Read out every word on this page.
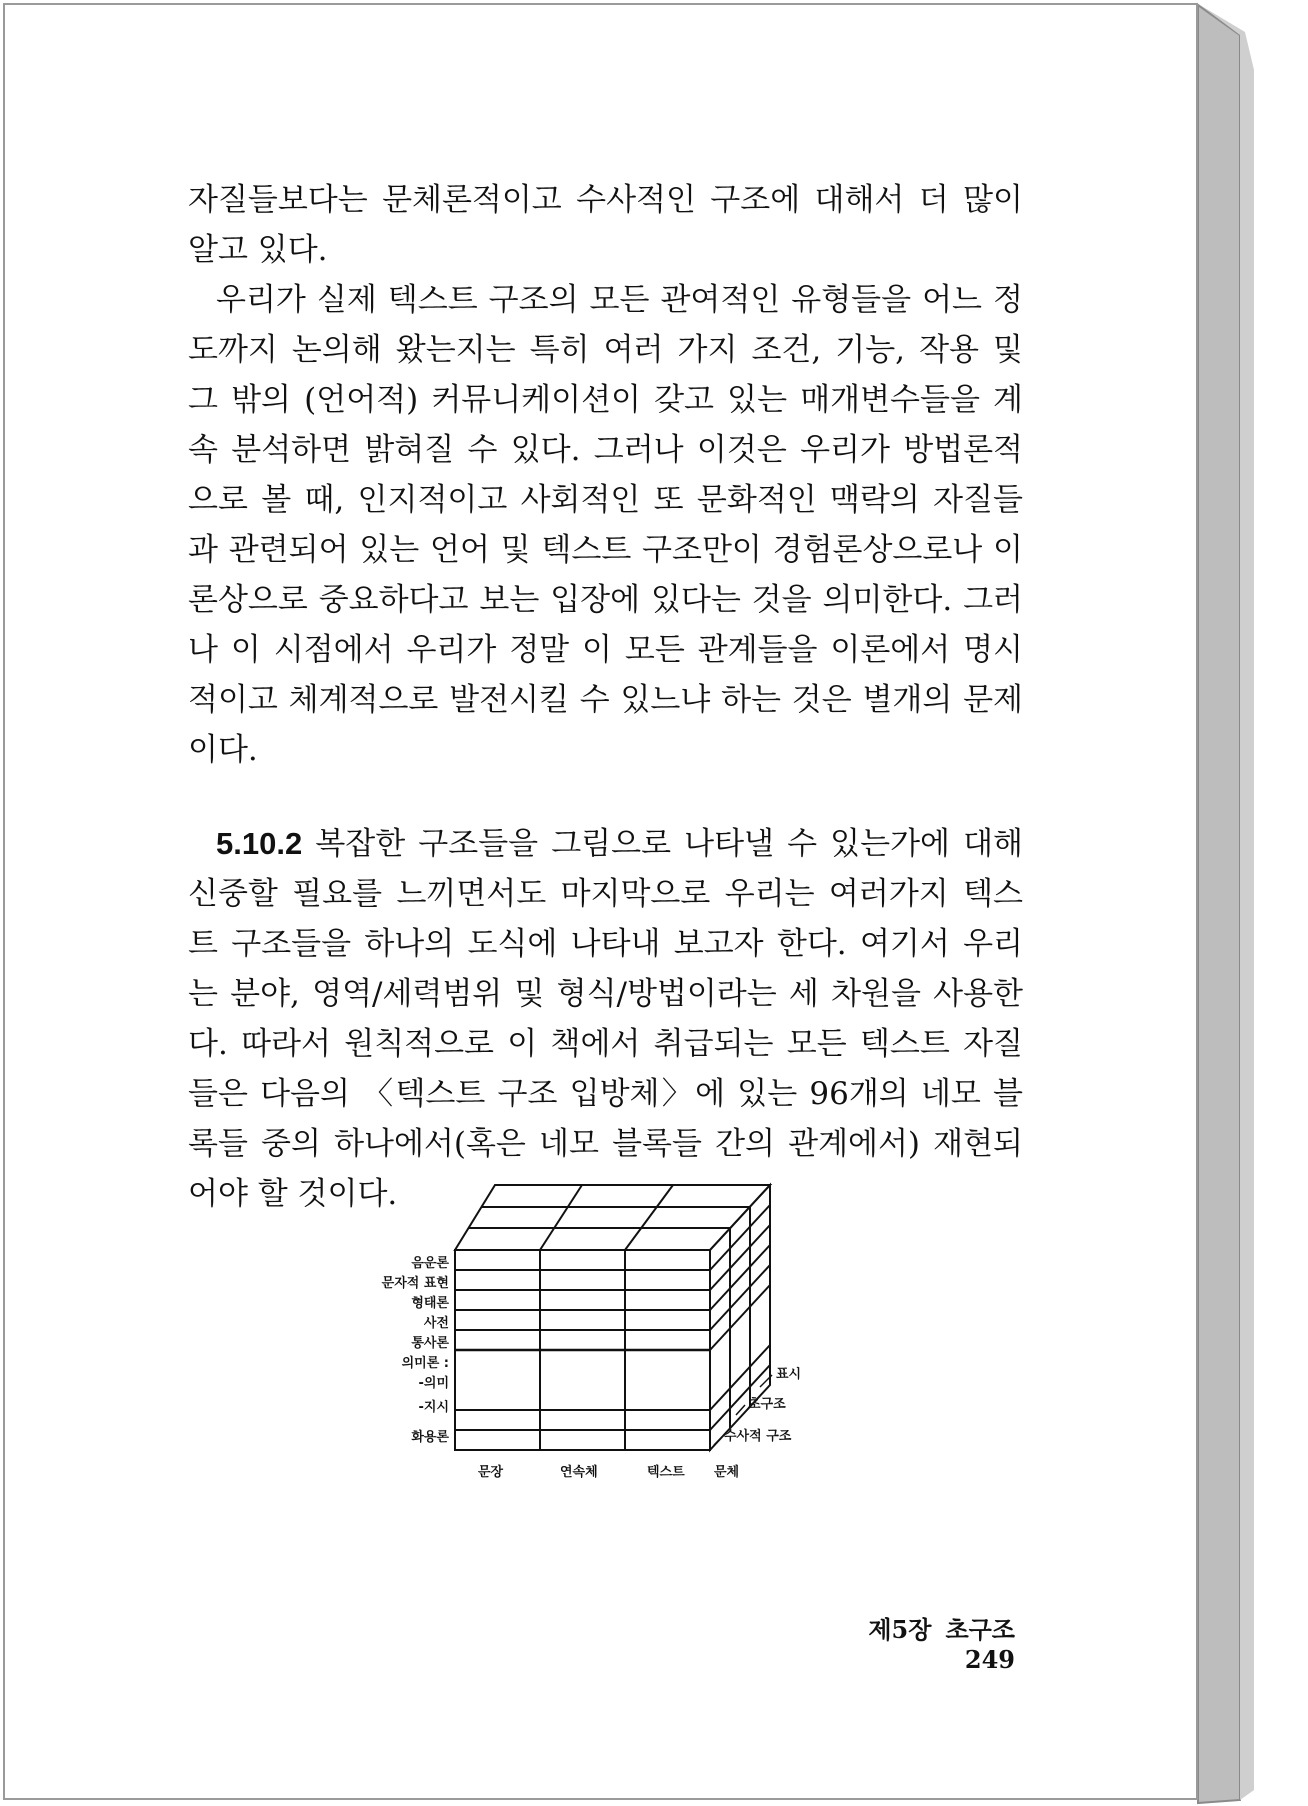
자질들보다는 문체론적이고 수사적인 구조에 대해서 더 많이 알고 있다.

우리가 실제 텍스트 구조의 모든 관여적인 유형들을 어느 정도까지 논의해 왔는지는 특히 여러 가지 조건, 기능, 작용 및 그 밖의 (언어적) 커뮤니케이션이 갖고 있는 매개변수들을 계속 분석하면 밝혀질 수 있다. 그러나 이것은 우리가 방법론적으로 볼 때, 인지적이고 사회적인 또 문화적인 맥락의 자질들과 관련되어 있는 언어 및 텍스트 구조만이 경험론상으로나 이론상으로 중요하다고 보는 입장에 있다는 것을 의미한다. 그러나 이 시점에서 우리가 정말 이 모든 관계들을 이론에서 명시적이고 체계적으로 발전시킬 수 있느냐 하는 것은 별개의 문제이다.

5.10.2 복잡한 구조들을 그림으로 나타낼 수 있는가에 대해 신중할 필요를 느끼면서도 마지막으로 우리는 여러가지 텍스트 구조들을 하나의 도식에 나타내 보고자 한다. 여기서 우리는 분야, 영역/세력범위 및 형식/방법이라는 세 차원을 사용한다. 따라서 원칙적으로 이 책에서 취급되는 모든 텍스트 자질들은 다음의 〈텍스트 구조 입방체〉에 있는 96개의 네모 블록들 중의 하나에서(혹은 네모 블록들 간의 관계에서) 재현되어야 할 것이다.

음운론
문자적 표현
형태론
사전
통사론
의미론 :
-의미
-지시
화용론
문장	연속체	텍스트 문체
표시
초구조
수사적 구조
제5장 초구조249
